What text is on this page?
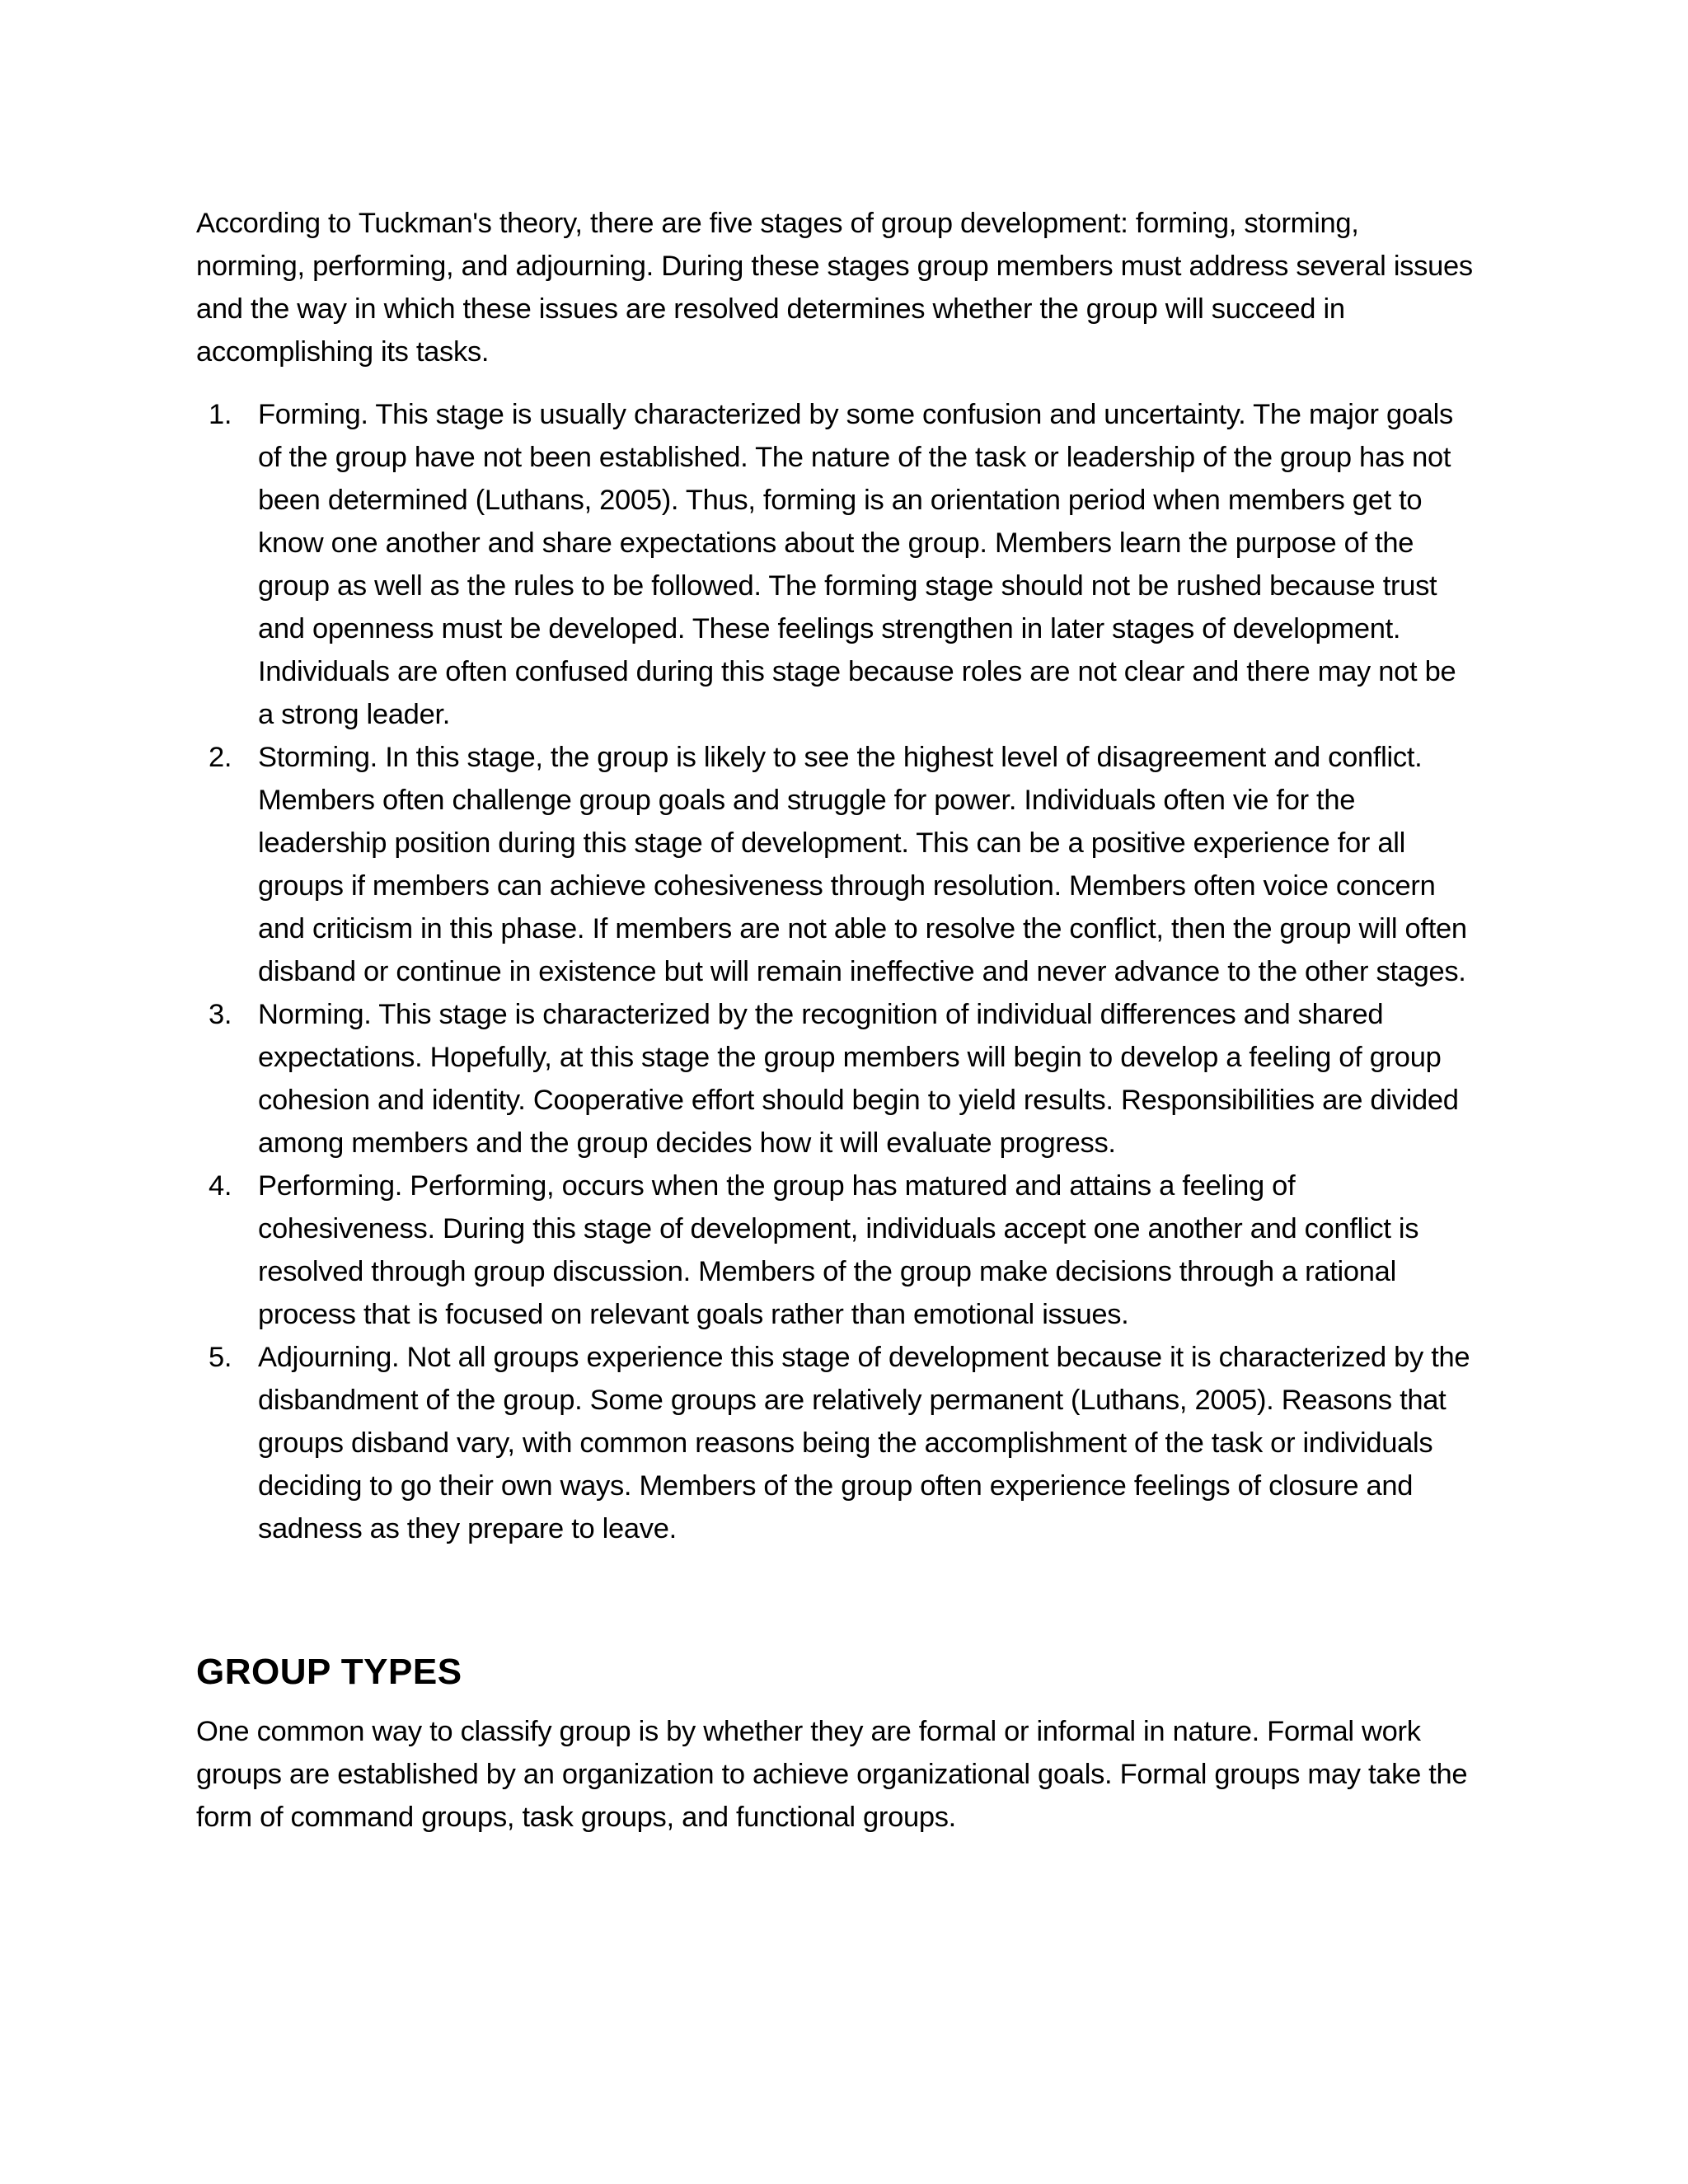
According to Tuckman's theory, there are five stages of group development: forming, storming, norming, performing, and adjourning. During these stages group members must address several issues and the way in which these issues are resolved determines whether the group will succeed in accomplishing its tasks.

1. Forming. This stage is usually characterized by some confusion and uncertainty. The major goals of the group have not been established. The nature of the task or leadership of the group has not been determined (Luthans, 2005). Thus, forming is an orientation period when members get to know one another and share expectations about the group. Members learn the purpose of the group as well as the rules to be followed. The forming stage should not be rushed because trust and openness must be developed. These feelings strengthen in later stages of development. Individuals are often confused during this stage because roles are not clear and there may not be a strong leader.
2. Storming. In this stage, the group is likely to see the highest level of disagreement and conflict. Members often challenge group goals and struggle for power. Individuals often vie for the leadership position during this stage of development. This can be a positive experience for all groups if members can achieve cohesiveness through resolution. Members often voice concern and criticism in this phase. If members are not able to resolve the conflict, then the group will often disband or continue in existence but will remain ineffective and never advance to the other stages.
3. Norming. This stage is characterized by the recognition of individual differences and shared expectations. Hopefully, at this stage the group members will begin to develop a feeling of group cohesion and identity. Cooperative effort should begin to yield results. Responsibilities are divided among members and the group decides how it will evaluate progress.
4. Performing. Performing, occurs when the group has matured and attains a feeling of cohesiveness. During this stage of development, individuals accept one another and conflict is resolved through group discussion. Members of the group make decisions through a rational process that is focused on relevant goals rather than emotional issues.
5. Adjourning. Not all groups experience this stage of development because it is characterized by the disbandment of the group. Some groups are relatively permanent (Luthans, 2005). Reasons that groups disband vary, with common reasons being the accomplishment of the task or individuals deciding to go their own ways. Members of the group often experience feelings of closure and sadness as they prepare to leave.
GROUP TYPES

One common way to classify group is by whether they are formal or informal in nature. Formal work groups are established by an organization to achieve organizational goals. Formal groups may take the form of command groups, task groups, and functional groups.
